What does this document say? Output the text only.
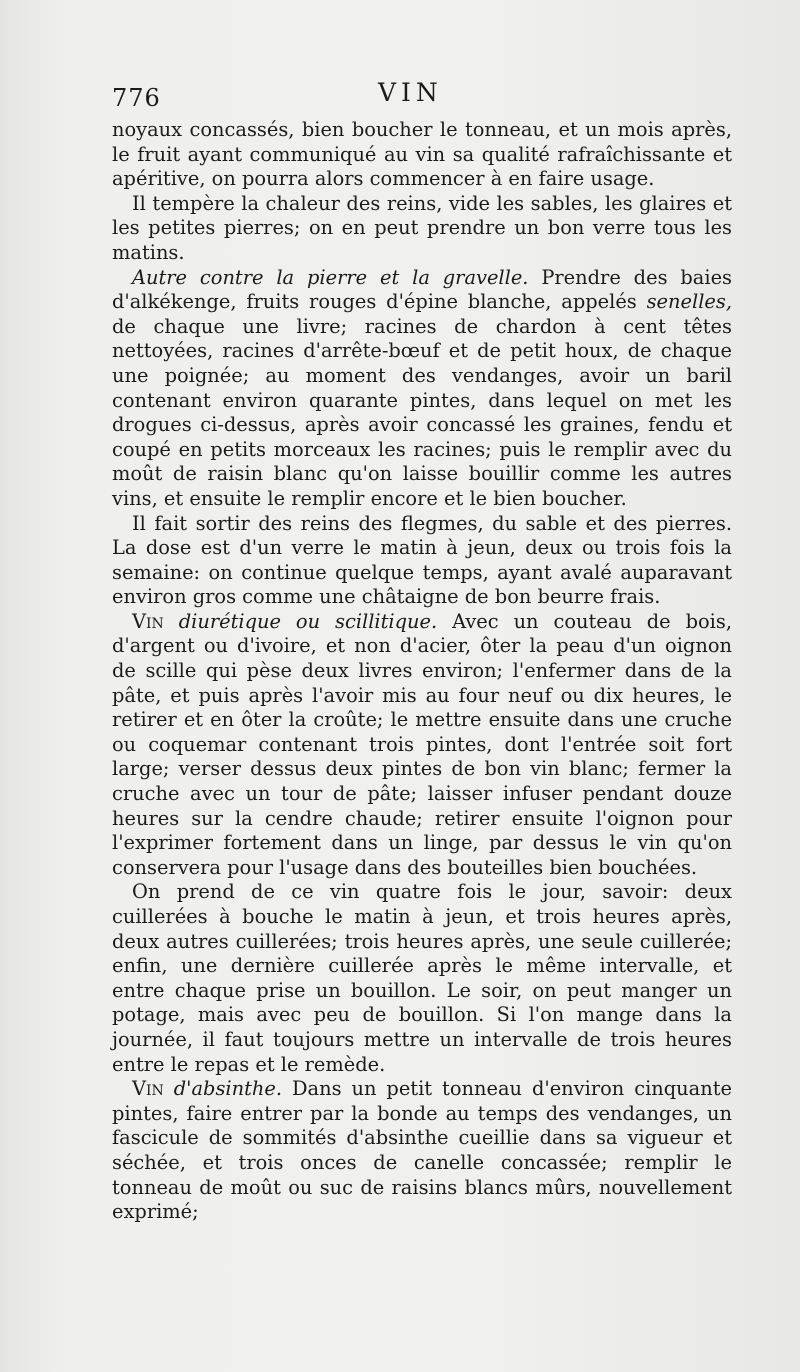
776	VIN

noyaux concassés, bien boucher le tonneau, et un mois après, le fruit ayant communiqué au vin sa qualité rafraîchissante et apéritive, on pourra alors commencer à en faire usage.

Il tempère la chaleur des reins, vide les sables, les glaires et les petites pierres; on en peut prendre un bon verre tous les matins.

Autre contre la pierre et la gravelle. Prendre des baies d'alkékenge, fruits rouges d'épine blanche, appelés senelles, de chaque une livre; racines de chardon à cent têtes nettoyées, racines d'arrête-bœuf et de petit houx, de chaque une poignée; au moment des vendanges, avoir un baril contenant environ quarante pintes, dans lequel on met les drogues ci-dessus, après avoir concassé les graines, fendu et coupé en petits morceaux les racines; puis le remplir avec du moût de raisin blanc qu'on laisse bouillir comme les autres vins, et ensuite le remplir encore et le bien boucher.

Il fait sortir des reins des flegmes, du sable et des pierres. La dose est d'un verre le matin à jeun, deux ou trois fois la semaine: on continue quelque temps, ayant avalé auparavant environ gros comme une châtaigne de bon beurre frais.

Vin diurétique ou scillitique. Avec un couteau de bois, d'argent ou d'ivoire, et non d'acier, ôter la peau d'un oignon de scille qui pèse deux livres environ; l'enfermer dans de la pâte, et puis après l'avoir mis au four neuf ou dix heures, le retirer et en ôter la croûte; le mettre ensuite dans une cruche ou coquemar contenant trois pintes, dont l'entrée soit fort large; verser dessus deux pintes de bon vin blanc; fermer la cruche avec un tour de pâte; laisser infuser pendant douze heures sur la cendre chaude; retirer ensuite l'oignon pour l'exprimer fortement dans un linge, par dessus le vin qu'on conservera pour l'usage dans des bouteilles bien bouchées.

On prend de ce vin quatre fois le jour, savoir: deux cuillerées à bouche le matin à jeun, et trois heures après, deux autres cuillerées; trois heures après, une seule cuillerée; enfin, une dernière cuillerée après le même intervalle, et entre chaque prise un bouillon. Le soir, on peut manger un potage, mais avec peu de bouillon. Si l'on mange dans la journée, il faut toujours mettre un intervalle de trois heures entre le repas et le remède.

Vin d'absinthe. Dans un petit tonneau d'environ cinquante pintes, faire entrer par la bonde au temps des vendanges, un fascicule de sommités d'absinthe cueillie dans sa vigueur et séchée, et trois onces de canelle concassée; remplir le tonneau de moût ou suc de raisins blancs mûrs, nouvellement exprimé;
